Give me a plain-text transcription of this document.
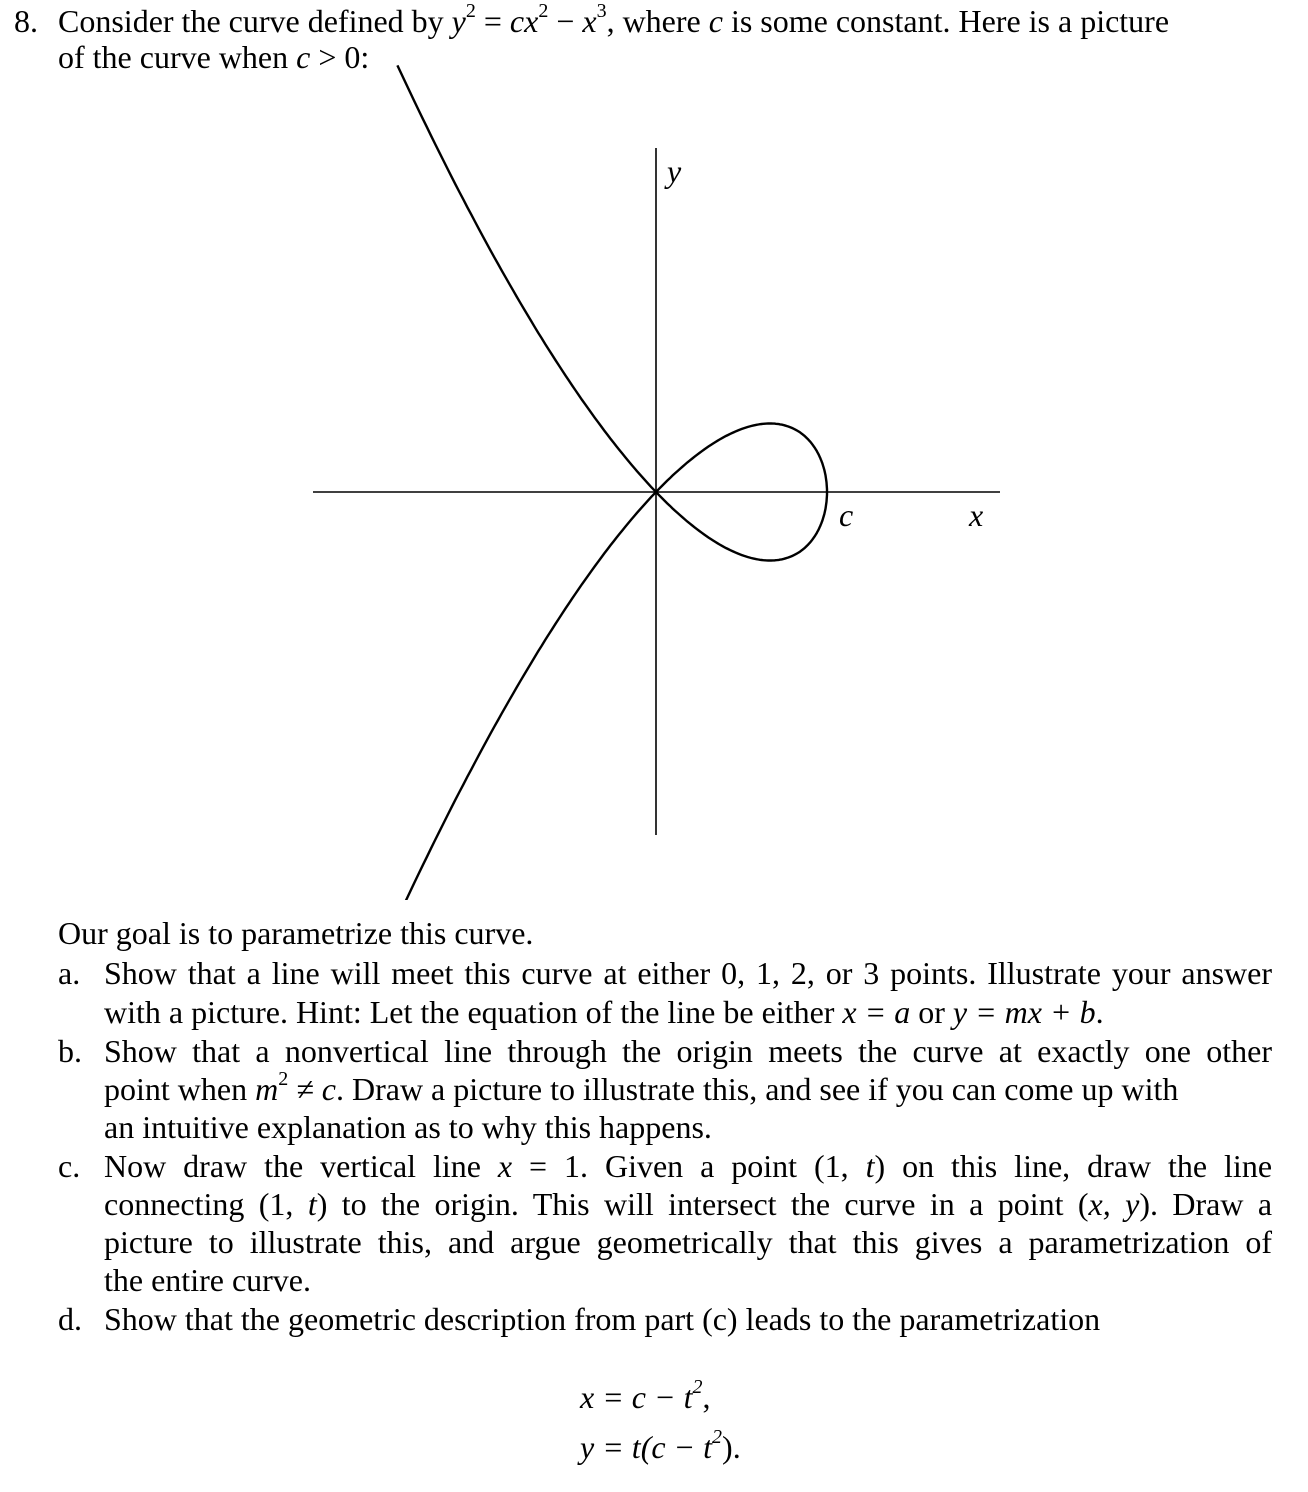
8. Consider the curve defined by $y^2 = cx^2 - x^3$, where c is some constant. Here is a picture
of the curve when c > 0:
y
x
c
Our goal is to parametrize this curve.
a. Show that a line will meet this curve at either 0, 1, 2, or 3 points. Illustrate your answer
with a picture. Hint: Let the equation of the line be either x = a or y = mx + b.
b. Show that a nonvertical line through the origin meets the curve at exactly one other
point when $m^2 \ne c$. Draw a picture to illustrate this, and see if you can come up with
an intuitive explanation as to why this happens.
c. Now draw the vertical line x = 1. Given a point (1, t) on this line, draw the line
connecting (1, t) to the origin. This will intersect the curve in a point (x, y). Draw a
picture to illustrate this, and argue geometrically that this gives a parametrization of
the entire curve.
d. Show that the geometric description from part (c) leads to the parametrization
$x = c - t^2$,
$y = t(c - t^2)$.
